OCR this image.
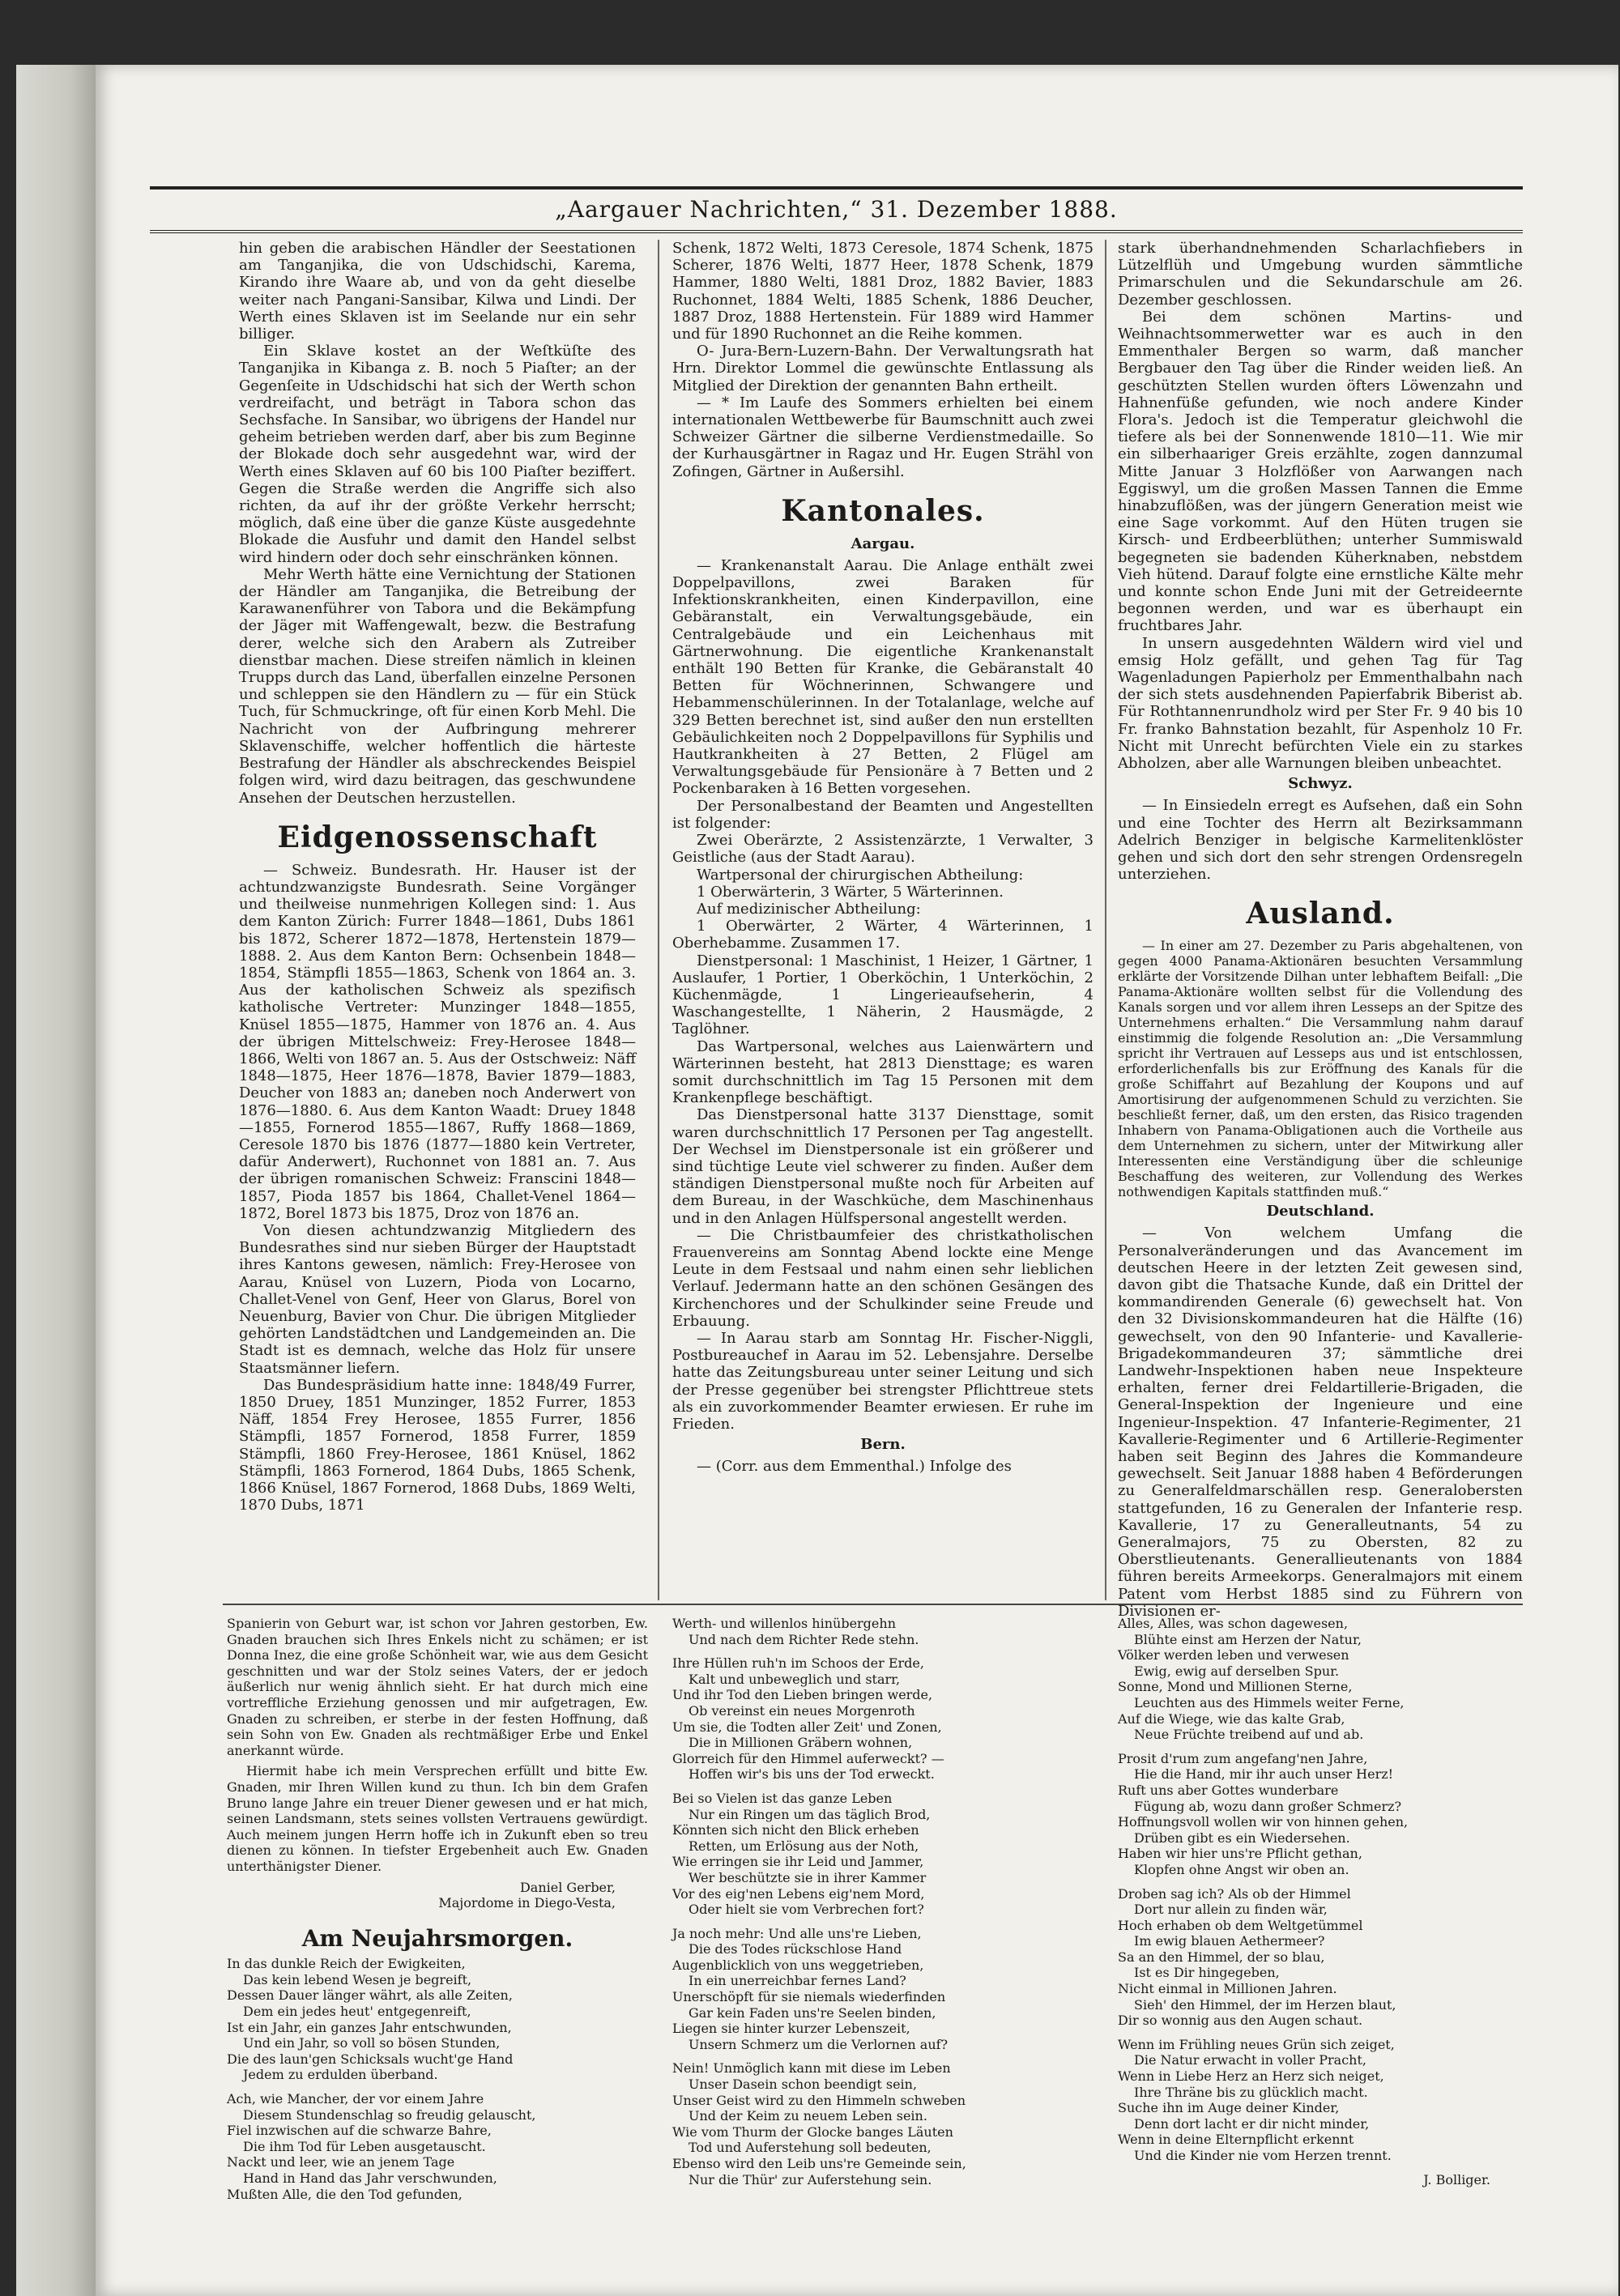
„Aargauer Nachrichten,“ 31. Dezember 1888.

hin geben die arabischen Händler der Seestationen am Tanganjika, die von Udschidschi, Karema, Kirando ihre Waare ab, und von da geht dieselbe weiter nach Pangani-Sansibar, Kilwa und Lindi. Der Werth eines Sklaven ist im Seelande nur ein sehr billiger.

Ein Sklave kostet an der Weſtküſte des Tanganjika in Kibanga z. B. noch 5 Piaſter; an der Gegenſeite in Udschidschi hat sich der Werth schon verdreifacht, und beträgt in Tabora schon das Sechsfache. In Sansibar, wo übrigens der Handel nur geheim betrieben werden darf, aber bis zum Beginne der Blokade doch sehr ausgedehnt war, wird der Werth eines Sklaven auf 60 bis 100 Piaſter beziffert. Gegen die Straße werden die Angriffe sich also richten, da auf ihr der größte Verkehr herrscht; möglich, daß eine über die ganze Küste ausgedehnte Blokade die Ausfuhr und damit den Handel selbst wird hindern oder doch sehr einschränken können.

Mehr Werth hätte eine Vernichtung der Stationen der Händler am Tanganjika, die Betreibung der Karawanenführer von Tabora und die Bekämpfung der Jäger mit Waffengewalt, bezw. die Bestrafung derer, welche sich den Arabern als Zutreiber dienstbar machen. Diese streifen nämlich in kleinen Trupps durch das Land, überfallen einzelne Personen und schleppen sie den Händlern zu — für ein Stück Tuch, für Schmuckringe, oft für einen Korb Mehl. Die Nachricht von der Aufbringung mehrerer Sklavenschiffe, welcher hoffentlich die härteste Bestrafung der Händler als abschreckendes Beispiel folgen wird, wird dazu beitragen, das geschwundene Ansehen der Deutschen herzustellen.

Eidgenossenschaft

— Schweiz. Bundesrath. Hr. Hauser ist der achtundzwanzigste Bundesrath. Seine Vorgänger und theilweise nunmehrigen Kollegen sind: 1. Aus dem Kanton Zürich: Furrer 1848—1861, Dubs 1861 bis 1872, Scherer 1872—1878, Hertenstein 1879—1888. 2. Aus dem Kanton Bern: Ochsenbein 1848—1854, Stämpfli 1855—1863, Schenk von 1864 an. 3. Aus der katholischen Schweiz als spezifisch katholische Vertreter: Munzinger 1848—1855, Knüsel 1855—1875, Hammer von 1876 an. 4. Aus der übrigen Mittelschweiz: Frey-Herosee 1848—1866, Welti von 1867 an. 5. Aus der Ostschweiz: Näff 1848—1875, Heer 1876—1878, Bavier 1879—1883, Deucher von 1883 an; daneben noch Anderwert von 1876—1880. 6. Aus dem Kanton Waadt: Druey 1848—1855, Fornerod 1855—1867, Ruffy 1868—1869, Ceresole 1870 bis 1876 (1877—1880 kein Vertreter, dafür Anderwert), Ruchonnet von 1881 an. 7. Aus der übrigen romanischen Schweiz: Franscini 1848—1857, Pioda 1857 bis 1864, Challet-Venel 1864—1872, Borel 1873 bis 1875, Droz von 1876 an.

Von diesen achtundzwanzig Mitgliedern des Bundesrathes sind nur sieben Bürger der Hauptstadt ihres Kantons gewesen, nämlich: Frey-Herosee von Aarau, Knüsel von Luzern, Pioda von Locarno, Challet-Venel von Genf, Heer von Glarus, Borel von Neuenburg, Bavier von Chur. Die übrigen Mitglieder gehörten Landstädtchen und Landgemeinden an. Die Stadt ist es demnach, welche das Holz für unsere Staatsmänner liefern.

Das Bundespräsidium hatte inne: 1848/49 Furrer, 1850 Druey, 1851 Munzinger, 1852 Furrer, 1853 Näff, 1854 Frey Herosee, 1855 Furrer, 1856 Stämpfli, 1857 Fornerod, 1858 Furrer, 1859 Stämpfli, 1860 Frey-Herosee, 1861 Knüsel, 1862 Stämpfli, 1863 Fornerod, 1864 Dubs, 1865 Schenk, 1866 Knüsel, 1867 Fornerod, 1868 Dubs, 1869 Welti, 1870 Dubs, 1871

Schenk, 1872 Welti, 1873 Ceresole, 1874 Schenk, 1875 Scherer, 1876 Welti, 1877 Heer, 1878 Schenk, 1879 Hammer, 1880 Welti, 1881 Droz, 1882 Bavier, 1883 Ruchonnet, 1884 Welti, 1885 Schenk, 1886 Deucher, 1887 Droz, 1888 Hertenstein. Für 1889 wird Hammer und für 1890 Ruchonnet an die Reihe kommen.

O- Jura-Bern-Luzern-Bahn. Der Verwaltungsrath hat Hrn. Direktor Lommel die gewünschte Entlassung als Mitglied der Direktion der genannten Bahn ertheilt.

— * Im Laufe des Sommers erhielten bei einem internationalen Wettbewerbe für Baumschnitt auch zwei Schweizer Gärtner die silberne Verdienstmedaille. So der Kurhausgärtner in Ragaz und Hr. Eugen Strähl von Zofingen, Gärtner in Außersihl.

Kantonales.
Aargau.

— Krankenanstalt Aarau. Die Anlage enthält zwei Doppelpavillons, zwei Baraken für Infektionskrankheiten, einen Kinderpavillon, eine Gebäranstalt, ein Verwaltungsgebäude, ein Centralgebäude und ein Leichenhaus mit Gärtnerwohnung. Die eigentliche Krankenanstalt enthält 190 Betten für Kranke, die Gebäranstalt 40 Betten für Wöchnerinnen, Schwangere und Hebammenschülerinnen. In der Totalanlage, welche auf 329 Betten berechnet ist, sind außer den nun erstellten Gebäulichkeiten noch 2 Doppelpavillons für Syphilis und Hautkrankheiten à 27 Betten, 2 Flügel am Verwaltungsgebäude für Pensionäre à 7 Betten und 2 Pockenbaraken à 16 Betten vorgesehen.

Der Personalbestand der Beamten und Angestellten ist folgender:

Zwei Oberärzte, 2 Assistenzärzte, 1 Verwalter, 3 Geistliche (aus der Stadt Aarau).

Wartpersonal der chirurgischen Abtheilung:

1 Oberwärterin, 3 Wärter, 5 Wärterinnen.

Auf medizinischer Abtheilung:

1 Oberwärter, 2 Wärter, 4 Wärterinnen, 1 Oberhebamme. Zusammen 17.

Dienstpersonal: 1 Maschinist, 1 Heizer, 1 Gärtner, 1 Auslaufer, 1 Portier, 1 Oberköchin, 1 Unterköchin, 2 Küchenmägde, 1 Lingerieaufseherin, 4 Waschangestellte, 1 Näherin, 2 Hausmägde, 2 Taglöhner.

Das Wartpersonal, welches aus Laienwärtern und Wärterinnen besteht, hat 2813 Diensttage; es waren somit durchschnittlich im Tag 15 Personen mit dem Krankenpflege beschäftigt.

Das Dienstpersonal hatte 3137 Diensttage, somit waren durchschnittlich 17 Personen per Tag angestellt. Der Wechsel im Dienstpersonale ist ein größerer und sind tüchtige Leute viel schwerer zu finden. Außer dem ständigen Dienstpersonal mußte noch für Arbeiten auf dem Bureau, in der Waschküche, dem Maschinenhaus und in den Anlagen Hülfspersonal angestellt werden.

— Die Christbaumfeier des christkatholischen Frauenvereins am Sonntag Abend lockte eine Menge Leute in dem Festsaal und nahm einen sehr lieblichen Verlauf. Jedermann hatte an den schönen Gesängen des Kirchenchores und der Schulkinder seine Freude und Erbauung.

— In Aarau starb am Sonntag Hr. Fischer-Niggli, Postbureauchef in Aarau im 52. Lebensjahre. Derselbe hatte das Zeitungsbureau unter seiner Leitung und sich der Presse gegenüber bei strengster Pflichttreue stets als ein zuvorkommender Beamter erwiesen. Er ruhe im Frieden.

Bern.

— (Corr. aus dem Emmenthal.) Infolge des

stark überhandnehmenden Scharlachfiebers in Lützelflüh und Umgebung wurden sämmtliche Primarschulen und die Sekundarschule am 26. Dezember geschlossen.

Bei dem schönen Martins- und Weihnachtsommerwetter war es auch in den Emmenthaler Bergen so warm, daß mancher Bergbauer den Tag über die Rinder weiden ließ. An geschützten Stellen wurden öfters Löwenzahn und Hahnenfüße gefunden, wie noch andere Kinder Flora's. Jedoch ist die Temperatur gleichwohl die tiefere als bei der Sonnenwende 1810—11. Wie mir ein silberhaariger Greis erzählte, zogen dannzumal Mitte Januar 3 Holzflößer von Aarwangen nach Eggiswyl, um die großen Massen Tannen die Emme hinabzuflößen, was der jüngern Generation meist wie eine Sage vorkommt. Auf den Hüten trugen sie Kirsch- und Erdbeerblüthen; unterher Summiswald begegneten sie badenden Küherknaben, nebstdem Vieh hütend. Darauf folgte eine ernstliche Kälte mehr und konnte schon Ende Juni mit der Getreideernte begonnen werden, und war es überhaupt ein fruchtbares Jahr.

In unsern ausgedehnten Wäldern wird viel und emsig Holz gefällt, und gehen Tag für Tag Wagenladungen Papierholz per Emmenthalbahn nach der sich stets ausdehnenden Papierfabrik Biberist ab. Für Rothtannenrundholz wird per Ster Fr. 9 40 bis 10 Fr. franko Bahnstation bezahlt, für Aspenholz 10 Fr. Nicht mit Unrecht befürchten Viele ein zu starkes Abholzen, aber alle Warnungen bleiben unbeachtet.

Schwyz.

— In Einsiedeln erregt es Aufsehen, daß ein Sohn und eine Tochter des Herrn alt Bezirksammann Adelrich Benziger in belgische Karmelitenklöster gehen und sich dort den sehr strengen Ordensregeln unterziehen.

Ausland.

— In einer am 27. Dezember zu Paris abgehaltenen, von gegen 4000 Panama-Aktionären besuchten Versammlung erklärte der Vorsitzende Dilhan unter lebhaftem Beifall: „Die Panama-Aktionäre wollten selbst für die Vollendung des Kanals sorgen und vor allem ihren Lesseps an der Spitze des Unternehmens erhalten.“ Die Versammlung nahm darauf einstimmig die folgende Resolution an: „Die Versammlung spricht ihr Vertrauen auf Lesseps aus und ist entschlossen, erforderlichenfalls bis zur Eröffnung des Kanals für die große Schiffahrt auf Bezahlung der Koupons und auf Amortisirung der aufgenommenen Schuld zu verzichten. Sie beschließt ferner, daß, um den ersten, das Risico tragenden Inhabern von Panama-Obligationen auch die Vortheile aus dem Unternehmen zu sichern, unter der Mitwirkung aller Interessenten eine Verständigung über die schleunige Beschaffung des weiteren, zur Vollendung des Werkes nothwendigen Kapitals stattfinden muß.“

Deutschland.

— Von welchem Umfang die Personalveränderungen und das Avancement im deutschen Heere in der letzten Zeit gewesen sind, davon gibt die Thatsache Kunde, daß ein Drittel der kommandirenden Generale (6) gewechselt hat. Von den 32 Divisionskommandeuren hat die Hälfte (16) gewechselt, von den 90 Infanterie- und Kavallerie-Brigadekommandeuren 37; sämmtliche drei Landwehr-Inspektionen haben neue Inspekteure erhalten, ferner drei Feldartillerie-Brigaden, die General-Inspektion der Ingenieure und eine Ingenieur-Inspektion. 47 Infanterie-Regimenter, 21 Kavallerie-Regimenter und 6 Artillerie-Regimenter haben seit Beginn des Jahres die Kommandeure gewechselt. Seit Januar 1888 haben 4 Beförderungen zu Generalfeldmarschällen resp. Generalobersten stattgefunden, 16 zu Generalen der Infanterie resp. Kavallerie, 17 zu Generalleutnants, 54 zu Generalmajors, 75 zu Obersten, 82 zu Oberstlieutenants. Generallieutenants von 1884 führen bereits Armeekorps. Generalmajors mit einem Patent vom Herbst 1885 sind zu Führern von Divisionen er-

Spanierin von Geburt war, ist schon vor Jahren gestorben, Ew. Gnaden brauchen sich Ihres Enkels nicht zu schämen; er ist Donna Inez, die eine große Schönheit war, wie aus dem Gesicht geschnitten und war der Stolz seines Vaters, der er jedoch äußerlich nur wenig ähnlich sieht. Er hat durch mich eine vortreffliche Erziehung genossen und mir aufgetragen, Ew. Gnaden zu schreiben, er sterbe in der festen Hoffnung, daß sein Sohn von Ew. Gnaden als rechtmäßiger Erbe und Enkel anerkannt würde.

Hiermit habe ich mein Versprechen erfüllt und bitte Ew. Gnaden, mir Ihren Willen kund zu thun. Ich bin dem Grafen Bruno lange Jahre ein treuer Diener gewesen und er hat mich, seinen Landsmann, stets seines vollsten Vertrauens gewürdigt. Auch meinem jungen Herrn hoffe ich in Zukunft eben so treu dienen zu können. In tiefster Ergebenheit auch Ew. Gnaden unterthänigster Diener.

Daniel Gerber,

Majordome in Diego-Vesta,

Am Neujahrsmorgen.

In das dunkle Reich der Ewigkeiten,

Das kein lebend Wesen je begreift,

Dessen Dauer länger währt, als alle Zeiten,

Dem ein jedes heut' entgegenreift,

Ist ein Jahr, ein ganzes Jahr entschwunden,

Und ein Jahr, so voll so bösen Stunden,

Die des laun'gen Schicksals wucht'ge Hand

Jedem zu erdulden überband.

Ach, wie Mancher, der vor einem Jahre

Diesem Stundenschlag so freudig gelauscht,

Fiel inzwischen auf die schwarze Bahre,

Die ihm Tod für Leben ausgetauscht.

Nackt und leer, wie an jenem Tage

Hand in Hand das Jahr verschwunden,

Mußten Alle, die den Tod gefunden,

Werth- und willenlos hinübergehn

Und nach dem Richter Rede stehn.

Ihre Hüllen ruh'n im Schoos der Erde,

Kalt und unbeweglich und starr,

Und ihr Tod den Lieben bringen werde,

Ob vereinst ein neues Morgenroth

Um sie, die Todten aller Zeit' und Zonen,

Die in Millionen Gräbern wohnen,

Glorreich für den Himmel auferweckt? —

Hoffen wir's bis uns der Tod erweckt.

Bei so Vielen ist das ganze Leben

Nur ein Ringen um das täglich Brod,

Könnten sich nicht den Blick erheben

Retten, um Erlösung aus der Noth,

Wie erringen sie ihr Leid und Jammer,

Wer beschützte sie in ihrer Kammer

Vor des eig'nen Lebens eig'nem Mord,

Oder hielt sie vom Verbrechen fort?

Ja noch mehr: Und alle uns're Lieben,

Die des Todes rückschlose Hand

Augenblicklich von uns weggetrieben,

In ein unerreichbar fernes Land?

Unerschöpft für sie niemals wiederfinden

Gar kein Faden uns're Seelen binden,

Liegen sie hinter kurzer Lebenszeit,

Unsern Schmerz um die Verlornen auf?

Nein! Unmöglich kann mit diese im Leben

Unser Dasein schon beendigt sein,

Unser Geist wird zu den Himmeln schweben

Und der Keim zu neuem Leben sein.

Wie vom Thurm der Glocke banges Läuten

Tod und Auferstehung soll bedeuten,

Ebenso wird den Leib uns're Gemeinde sein,

Nur die Thür' zur Auferstehung sein.

Alles, Alles, was schon dagewesen,

Blühte einst am Herzen der Natur,

Völker werden leben und verwesen

Ewig, ewig auf derselben Spur.

Sonne, Mond und Millionen Sterne,

Leuchten aus des Himmels weiter Ferne,

Auf die Wiege, wie das kalte Grab,

Neue Früchte treibend auf und ab.

Prosit d'rum zum angefang'nen Jahre,

Hie die Hand, mir ihr auch unser Herz!

Ruft uns aber Gottes wunderbare

Fügung ab, wozu dann großer Schmerz?

Hoffnungsvoll wollen wir von hinnen gehen,

Drüben gibt es ein Wiedersehen.

Haben wir hier uns're Pflicht gethan,

Klopfen ohne Angst wir oben an.

Droben sag ich? Als ob der Himmel

Dort nur allein zu finden wär,

Hoch erhaben ob dem Weltgetümmel

Im ewig blauen Aethermeer?

Sa an den Himmel, der so blau,

Ist es Dir hingegeben,

Nicht einmal in Millionen Jahren.

Sieh' den Himmel, der im Herzen blaut,

Dir so wonnig aus den Augen schaut.

Wenn im Frühling neues Grün sich zeiget,

Die Natur erwacht in voller Pracht,

Wenn in Liebe Herz an Herz sich neiget,

Ihre Thräne bis zu glücklich macht.

Suche ihn im Auge deiner Kinder,

Denn dort lacht er dir nicht minder,

Wenn in deine Elternpflicht erkennt

Und die Kinder nie vom Herzen trennt.

J. Bolliger.
